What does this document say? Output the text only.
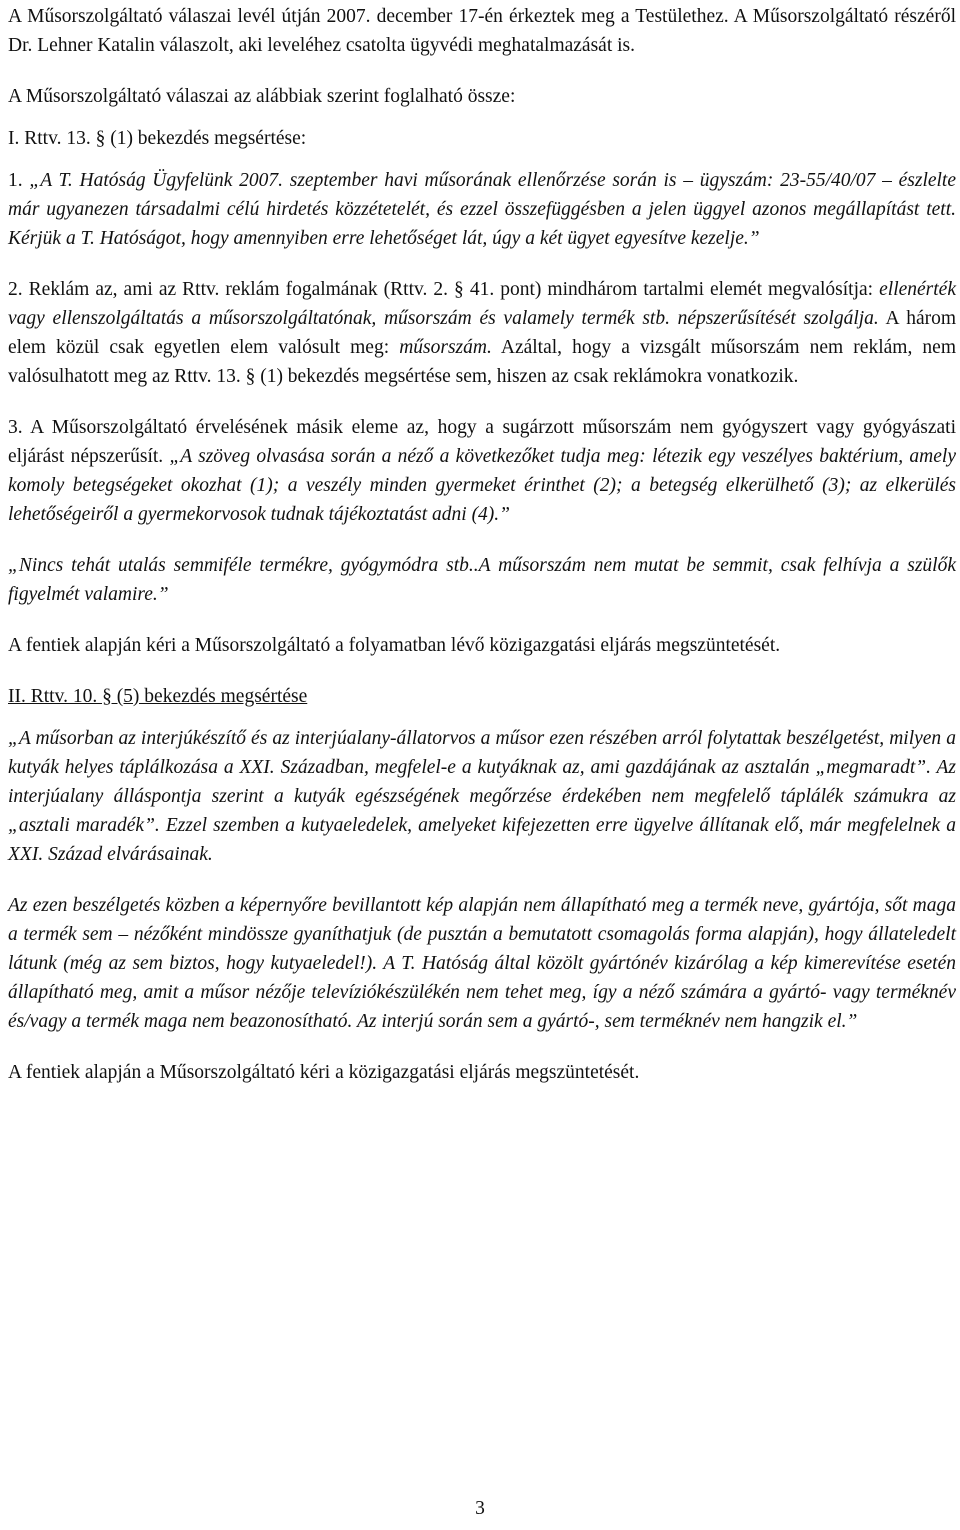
A Műsorszolgáltató válaszai levél útján 2007. december 17-én érkeztek meg a Testülethez. A Műsorszolgáltató részéről Dr. Lehner Katalin válaszolt, aki leveléhez csatolta ügyvédi meghatalmazását is.

A Műsorszolgáltató válaszai az alábbiak szerint foglalható össze:

I. Rttv. 13. § (1) bekezdés megsértése:

1. „A T. Hatóság Ügyfelünk 2007. szeptember havi műsorának ellenőrzése során is – ügyszám: 23-55/40/07 – észlelte már ugyanezen társadalmi célú hirdetés közzétetelét, és ezzel összefüggésben a jelen üggyel azonos megállapítást tett. Kérjük a T. Hatóságot, hogy amennyiben erre lehetőséget lát, úgy a két ügyet egyesítve kezelje.”

2. Reklám az, ami az Rttv. reklám fogalmának (Rttv. 2. § 41. pont) mindhárom tartalmi elemét megvalósítja: ellenérték vagy ellenszolgáltatás a műsorszolgáltatónak, műsorszám és valamely termék stb. népszerűsítését szolgálja. A három elem közül csak egyetlen elem valósult meg: műsorszám. Azáltal, hogy a vizsgált műsorszám nem reklám, nem valósulhatott meg az Rttv. 13. § (1) bekezdés megsértése sem, hiszen az csak reklámokra vonatkozik.

3. A Műsorszolgáltató érvelésének másik eleme az, hogy a sugárzott műsorszám nem gyógyszert vagy gyógyászati eljárást népszerűsít. „A szöveg olvasása során a néző a következőket tudja meg: létezik egy veszélyes baktérium, amely komoly betegségeket okozhat (1); a veszély minden gyermeket érinthet (2); a betegség elkerülhető (3); az elkerülés lehetőségeiről a gyermekorvosok tudnak tájékoztatást adni (4).”

„Nincs tehát utalás semmiféle termékre, gyógymódra stb..A műsorszám nem mutat be semmit, csak felhívja a szülők figyelmét valamire.”

A fentiek alapján kéri a Műsorszolgáltató a folyamatban lévő közigazgatási eljárás megszüntetését.

II. Rttv. 10. § (5) bekezdés megsértése

„A műsorban az interjúkészítő és az interjúalany-állatorvos a műsor ezen részében arról folytattak beszélgetést, milyen a kutyák helyes táplálkozása a XXI. Században, megfelel-e a kutyáknak az, ami gazdájának az asztalán „megmaradt”. Az interjúalany álláspontja szerint a kutyák egészségének megőrzése érdekében nem megfelelő táplálék számukra az „asztali maradék”. Ezzel szemben a kutyaeledelek, amelyeket kifejezetten erre ügyelve állítanak elő, már megfelelnek a XXI. Század elvárásainak.

Az ezen beszélgetés közben a képernyőre bevillantott kép alapján nem állapítható meg a termék neve, gyártója, sőt maga a termék sem – nézőként mindössze gyaníthatjuk (de pusztán a bemutatott csomagolás forma alapján), hogy állateledelt látunk (még az sem biztos, hogy kutyaeledel!). A T. Hatóság által közölt gyártónév kizárólag a kép kimerevítése esetén állapítható meg, amit a műsor nézője televíziókészülékén nem tehet meg, így a néző számára a gyártó- vagy terméknév és/vagy a termék maga nem beazonosítható. Az interjú során sem a gyártó-, sem terméknév nem hangzik el.”

A fentiek alapján a Műsorszolgáltató kéri a közigazgatási eljárás megszüntetését.

3
